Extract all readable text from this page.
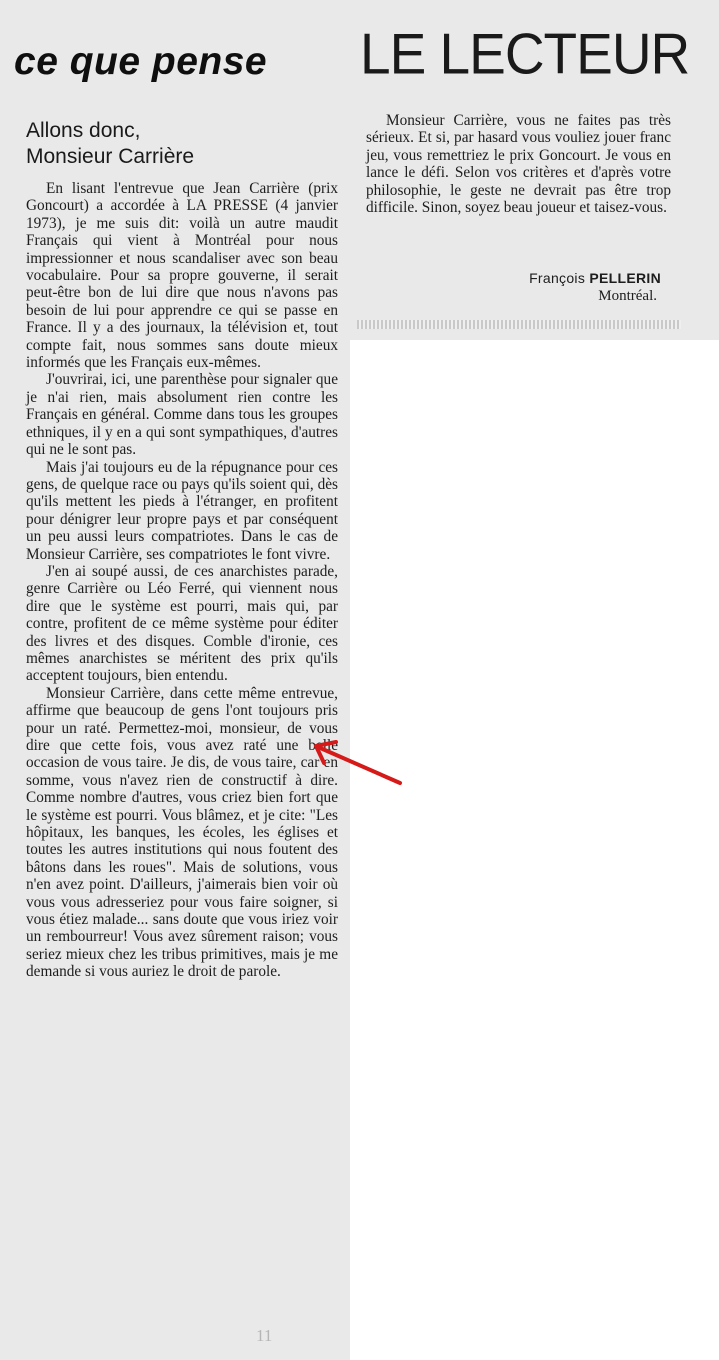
ce que pense LE LECTEUR
Allons donc,
Monsieur Carrière

En lisant l'entrevue que Jean Carrière (prix Goncourt) a accordée à LA PRESSE (4 janvier 1973), je me suis dit: voilà un autre maudit Français qui vient à Montréal pour nous impressionner et nous scandaliser avec son beau vocabulaire. Pour sa propre gouverne, il serait peut-être bon de lui dire que nous n'avons pas besoin de lui pour apprendre ce qui se passe en France. Il y a des journaux, la télévision et, tout compte fait, nous sommes sans doute mieux informés que les Français eux-mêmes.

J'ouvrirai, ici, une parenthèse pour signaler que je n'ai rien, mais absolument rien contre les Français en général. Comme dans tous les groupes ethniques, il y en a qui sont sympathiques, d'autres qui ne le sont pas.

Mais j'ai toujours eu de la répugnance pour ces gens, de quelque race ou pays qu'ils soient qui, dès qu'ils mettent les pieds à l'étranger, en profitent pour dénigrer leur propre pays et par conséquent un peu aussi leurs compatriotes. Dans le cas de Monsieur Carrière, ses compatriotes le font vivre.

J'en ai soupé aussi, de ces anarchistes parade, genre Carrière ou Léo Ferré, qui viennent nous dire que le système est pourri, mais qui, par contre, profitent de ce même système pour éditer des livres et des disques. Comble d'ironie, ces mêmes anarchistes se méritent des prix qu'ils acceptent toujours, bien entendu.

Monsieur Carrière, dans cette même entrevue, affirme que beaucoup de gens l'ont toujours pris pour un raté. Permettez-moi, monsieur, de vous dire que cette fois, vous avez raté une belle occasion de vous taire. Je dis, de vous taire, car en somme, vous n'avez rien de constructif à dire. Comme nombre d'autres, vous criez bien fort que le système est pourri. Vous blâmez, et je cite: "Les hôpitaux, les banques, les écoles, les églises et toutes les autres institutions qui nous foutent des bâtons dans les roues". Mais de solutions, vous n'en avez point. D'ailleurs, j'aimerais bien voir où vous vous adresseriez pour vous faire soigner, si vous étiez malade... sans doute que vous iriez voir un rembourreur! Vous avez sûrement raison; vous seriez mieux chez les tribus primitives, mais je me demande si vous auriez le droit de parole.

Monsieur Carrière, vous ne faites pas très sérieux. Et si, par hasard vous vouliez jouer franc jeu, vous remettriez le prix Goncourt. Je vous en lance le défi. Selon vos critères et d'après votre philosophie, le geste ne devrait pas être trop difficile. Sinon, soyez beau joueur et taisez-vous.

François PELLERIN
Montréal.
11
